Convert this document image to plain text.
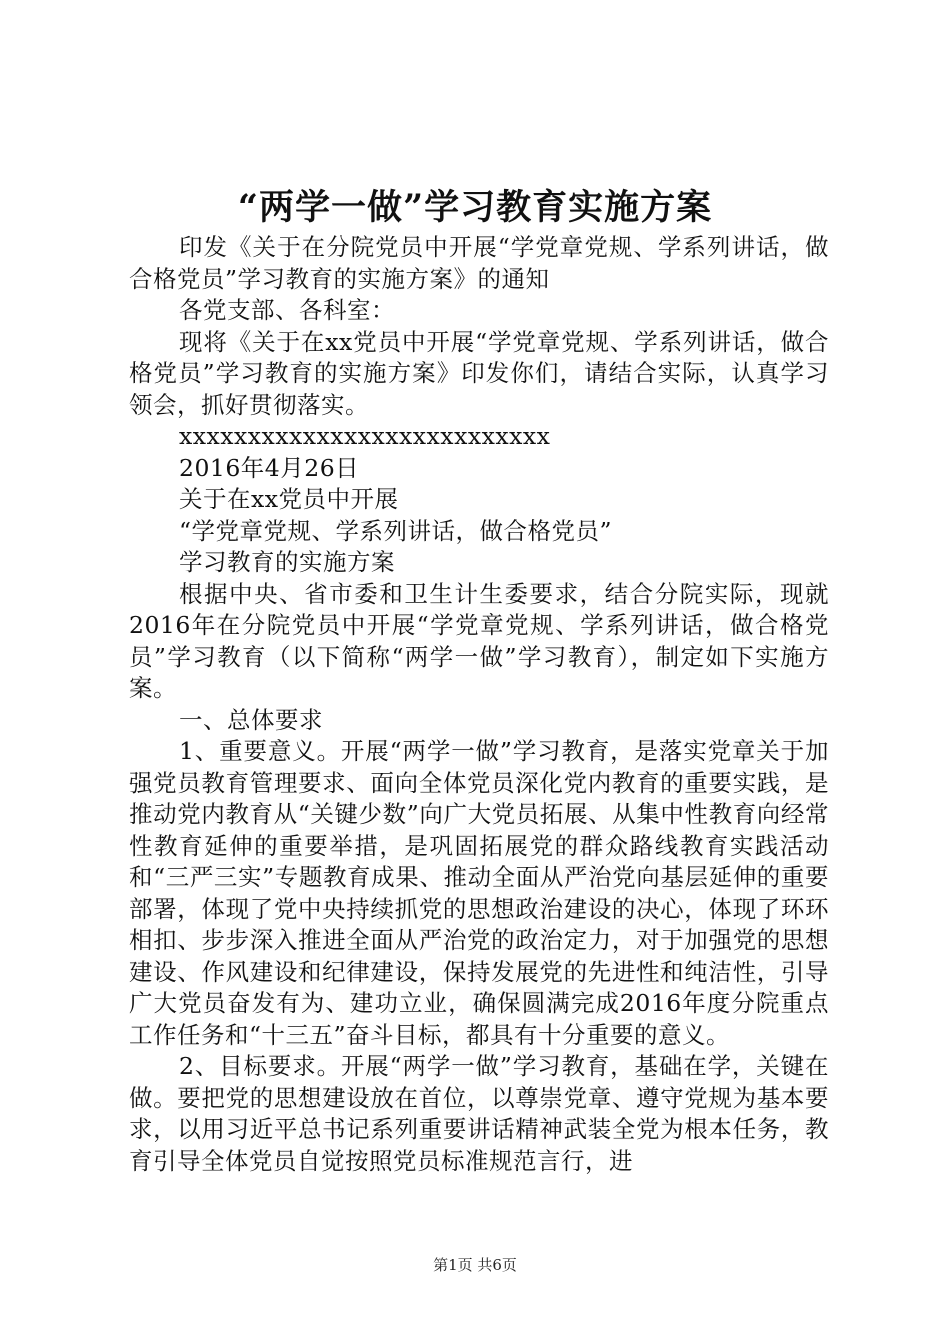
“两学一做”学习教育实施方案

印发《关于在分院党员中开展“学党章党规、学系列讲话，做合格党员”学习教育的实施方案》的通知

各党支部、各科室：

现将《关于在xx党员中开展“学党章党规、学系列讲话，做合格党员”学习教育的实施方案》印发你们，请结合实际，认真学习领会，抓好贯彻落实。

xxxxxxxxxxxxxxxxxxxxxxxxxxx

2016年4月26日

关于在xx党员中开展

“学党章党规、学系列讲话，做合格党员”

学习教育的实施方案

根据中央、省市委和卫生计生委要求，结合分院实际，现就2016年在分院党员中开展“学党章党规、学系列讲话，做合格党员”学习教育（以下简称“两学一做”学习教育），制定如下实施方案。

一、总体要求

1、重要意义。开展“两学一做”学习教育，是落实党章关于加强党员教育管理要求、面向全体党员深化党内教育的重要实践，是推动党内教育从“关键少数”向广大党员拓展、从集中性教育向经常性教育延伸的重要举措，是巩固拓展党的群众路线教育实践活动和“三严三实”专题教育成果、推动全面从严治党向基层延伸的重要部署，体现了党中央持续抓党的思想政治建设的决心，体现了环环相扣、步步深入推进全面从严治党的政治定力，对于加强党的思想建设、作风建设和纪律建设，保持发展党的先进性和纯洁性，引导广大党员奋发有为、建功立业，确保圆满完成2016年度分院重点工作任务和“十三五”奋斗目标，都具有十分重要的意义。

2、目标要求。开展“两学一做”学习教育，基础在学，关键在做。要把党的思想建设放在首位，以尊崇党章、遵守党规为基本要求，以用习近平总书记系列重要讲话精神武装全党为根本任务，教育引导全体党员自觉按照党员标准规范言行，进

第1页 共6页
